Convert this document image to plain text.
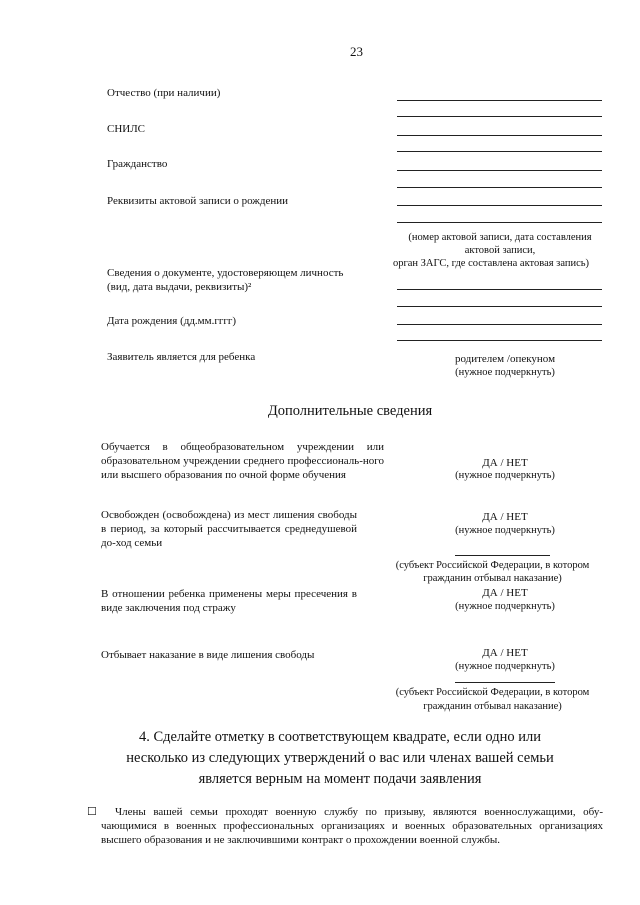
23
Отчество (при наличии)
СНИЛС
Гражданство
Реквизиты актовой записи о рождении
(номер актовой записи, дата составления
актовой записи,
орган ЗАГС, где составлена актовая запись)
Сведения о документе, удостоверяющем личность
(вид, дата выдачи, реквизиты)²
Дата рождения (дд.мм.гггг)
Заявитель является для ребенка	родителем /опекуном
(нужное подчеркнуть)
Дополнительные сведения
Обучается в общеобразовательном учреждении или образовательном учреждении среднего профессиональ-ного или высшего образования по очной форме обучения
ДА / НЕТ
(нужное подчеркнуть)
Освобожден (освобождена) из мест лишения свободы в период, за который рассчитывается среднедушевой до-ход семьи
ДА / НЕТ
(нужное подчеркнуть)
(субъект Российской Федерации, в котором
гражданин отбывал наказание)
В отношении ребенка применены меры пресечения в виде заключения под стражу
ДА / НЕТ
(нужное подчеркнуть)
Отбывает наказание в виде лишения свободы	ДА / НЕТ
(нужное подчеркнуть)
(субъект Российской Федерации, в котором
гражданин отбывал наказание)
4. Сделайте отметку в соответствующем квадрате, если одно или
несколько из следующих утверждений о вас или членах вашей семьи
является верным на момент подачи заявления
☐ Члены вашей семьи проходят военную службу по призыву, являются военнослужащими, обу-чающимися в военных профессиональных организациях и военных образовательных организациях высшего образования и не заключившими контракт о прохождении военной службы.
